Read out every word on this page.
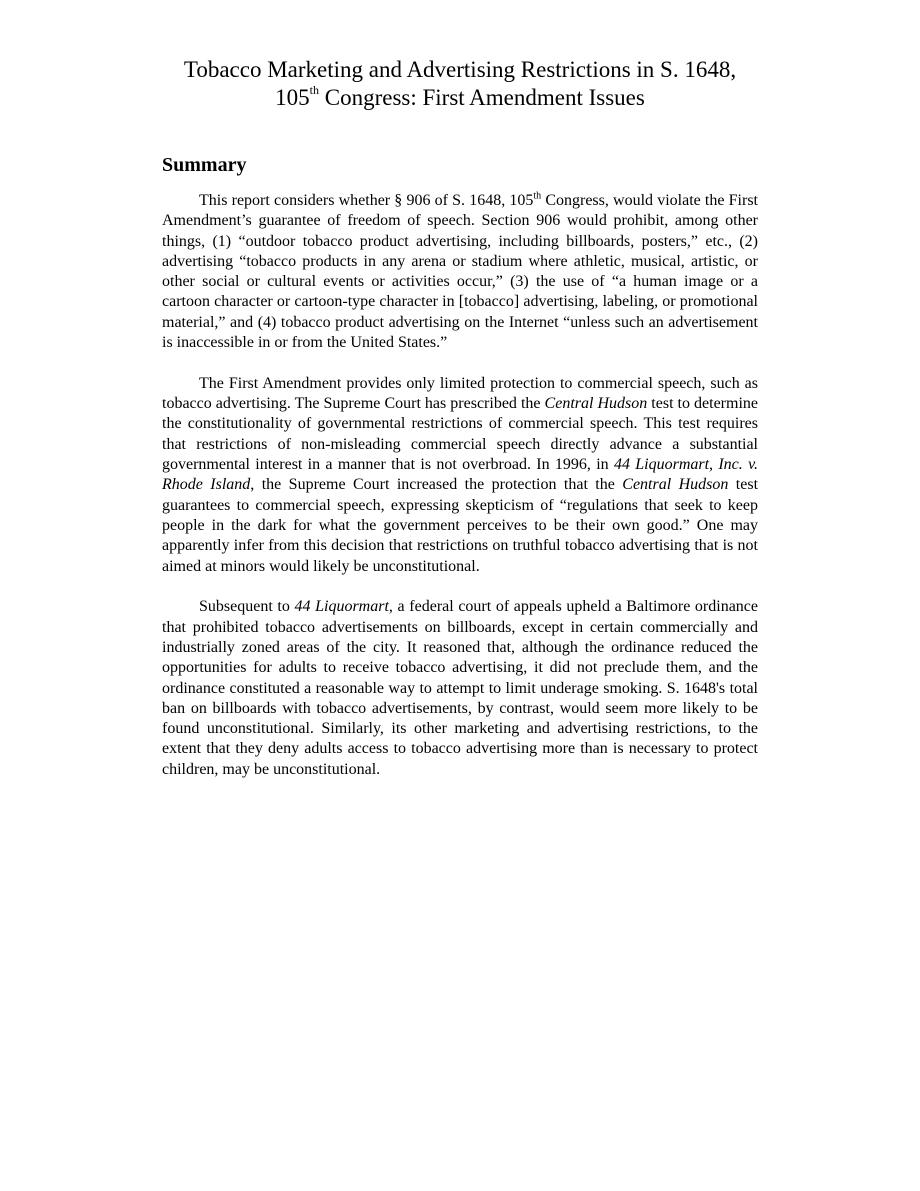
Tobacco Marketing and Advertising Restrictions in S. 1648,
105th Congress: First Amendment Issues
Summary

This report considers whether § 906 of S. 1648, 105th Congress, would violate the First Amendment’s guarantee of freedom of speech. Section 906 would prohibit, among other things, (1) “outdoor tobacco product advertising, including billboards, posters,” etc., (2) advertising “tobacco products in any arena or stadium where athletic, musical, artistic, or other social or cultural events or activities occur,” (3) the use of “a human image or a cartoon character or cartoon-type character in [tobacco] advertising, labeling, or promotional material,” and (4) tobacco product advertising on the Internet “unless such an advertisement is inaccessible in or from the United States.”

The First Amendment provides only limited protection to commercial speech, such as tobacco advertising. The Supreme Court has prescribed the Central Hudson test to determine the constitutionality of governmental restrictions of commercial speech. This test requires that restrictions of non-misleading commercial speech directly advance a substantial governmental interest in a manner that is not overbroad. In 1996, in 44 Liquormart, Inc. v. Rhode Island, the Supreme Court increased the protection that the Central Hudson test guarantees to commercial speech, expressing skepticism of “regulations that seek to keep people in the dark for what the government perceives to be their own good.” One may apparently infer from this decision that restrictions on truthful tobacco advertising that is not aimed at minors would likely be unconstitutional.

Subsequent to 44 Liquormart, a federal court of appeals upheld a Baltimore ordinance that prohibited tobacco advertisements on billboards, except in certain commercially and industrially zoned areas of the city. It reasoned that, although the ordinance reduced the opportunities for adults to receive tobacco advertising, it did not preclude them, and the ordinance constituted a reasonable way to attempt to limit underage smoking. S. 1648's total ban on billboards with tobacco advertisements, by contrast, would seem more likely to be found unconstitutional. Similarly, its other marketing and advertising restrictions, to the extent that they deny adults access to tobacco advertising more than is necessary to protect children, may be unconstitutional.
